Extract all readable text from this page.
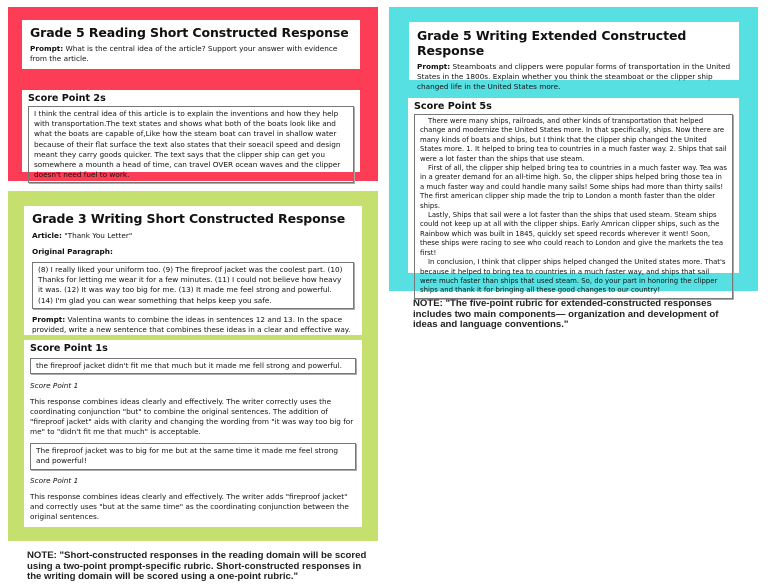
Grade 5 Reading Short Constructed Response
Prompt: What is the central idea of the article? Support your answer with evidence from the article.
Score Point 2s
I think the central idea of this article is to explain the inventions and how they help with transportation.The text states and shows what both of the boats look like and what the boats are capable of,Like how the steam boat can travel in shallow water because of their flat surface the text also states that their soeacil speed and design meant they carry goods quicker. The text says that the clipper ship can get you somewhere a mounth a head of time, can travel OVER ocean waves and the clipper doesn't need fuel to work.
Grade 5 Writing Extended Constructed Response
Prompt: Steamboats and clippers were popular forms of transportation in the United States in the 1800s. Explain whether you think the steamboat or the clipper ship changed life in the United States more.
Score Point 5s

There were many ships, railroads, and other kinds of transportation that helped change and modernize the United States more. In that specifically, ships. Now there are many kinds of boats and ships, but I think that the clipper ship changed the United States more. 1. It helped to bring tea to countries in a much faster way. 2. Ships that sail were a lot faster than the ships that use steam.

First of all, the clipper ship helped bring tea to countries in a much faster way. Tea was in a greater demand for an all-time high. So, the clipper ships helped bring those tea in a much faster way and could handle many sails! Some ships had more than thirty sails! The first american clipper ship made the trip to London a month faster than the older ships.

Lastly, Ships that sail were a lot faster than the ships that used steam. Steam ships could not keep up at all with the clipper ships. Early Amrican clipper ships, such as the Rainbow which was built in 1845, quickly set speed records wherever it went! Soon, these ships were racing to see who could reach to London and give the markets the tea first!

In conclusion, I think that clipper ships helped changed the United states more. That's because it helped to bring tea to countries in a much faster way, and ships that sail were much faster than ships that used steam. So, do your part in honoring the clipper ships and thank it for bringing all these good changes to our country!

NOTE: "The five-point rubric for extended-constructed responses includes two main components— organization and development of ideas and language conventions."
Grade 3 Writing Short Constructed Response
Article: "Thank You Letter"
Original Paragraph:
(8) I really liked your uniform too. (9) The fireproof jacket was the coolest part. (10) Thanks for letting me wear it for a few minutes. (11) I could not believe how heavy it was. (12) It was way too big for me. (13) It made me feel strong and powerful. (14) I'm glad you can wear something that helps keep you safe.
Prompt: Valentina wants to combine the ideas in sentences 12 and 13. In the space provided, write a new sentence that combines these ideas in a clear and effective way.
Score Point 1s
the fireproof jacket didn't fit me that much but it made me fell strong and powerful.
Score Point 1
This response combines ideas clearly and effectively. The writer correctly uses the coordinating conjunction "but" to combine the original sentences. The addition of "fireproof jacket" aids with clarity and changing the wording from "it was way too big for me" to "didn't fit me that much" is acceptable.
The fireproof jacket was to big for me but at the same time it made me feel strong and powerful!
Score Point 1
This response combines ideas clearly and effectively. The writer adds "fireproof jacket" and correctly uses "but at the same time" as the coordinating conjunction between the original sentences.
NOTE: "Short-constructed responses in the reading domain will be scored using a two-point prompt-specific rubric. Short-constructed responses in the writing domain will be scored using a one-point rubric."
